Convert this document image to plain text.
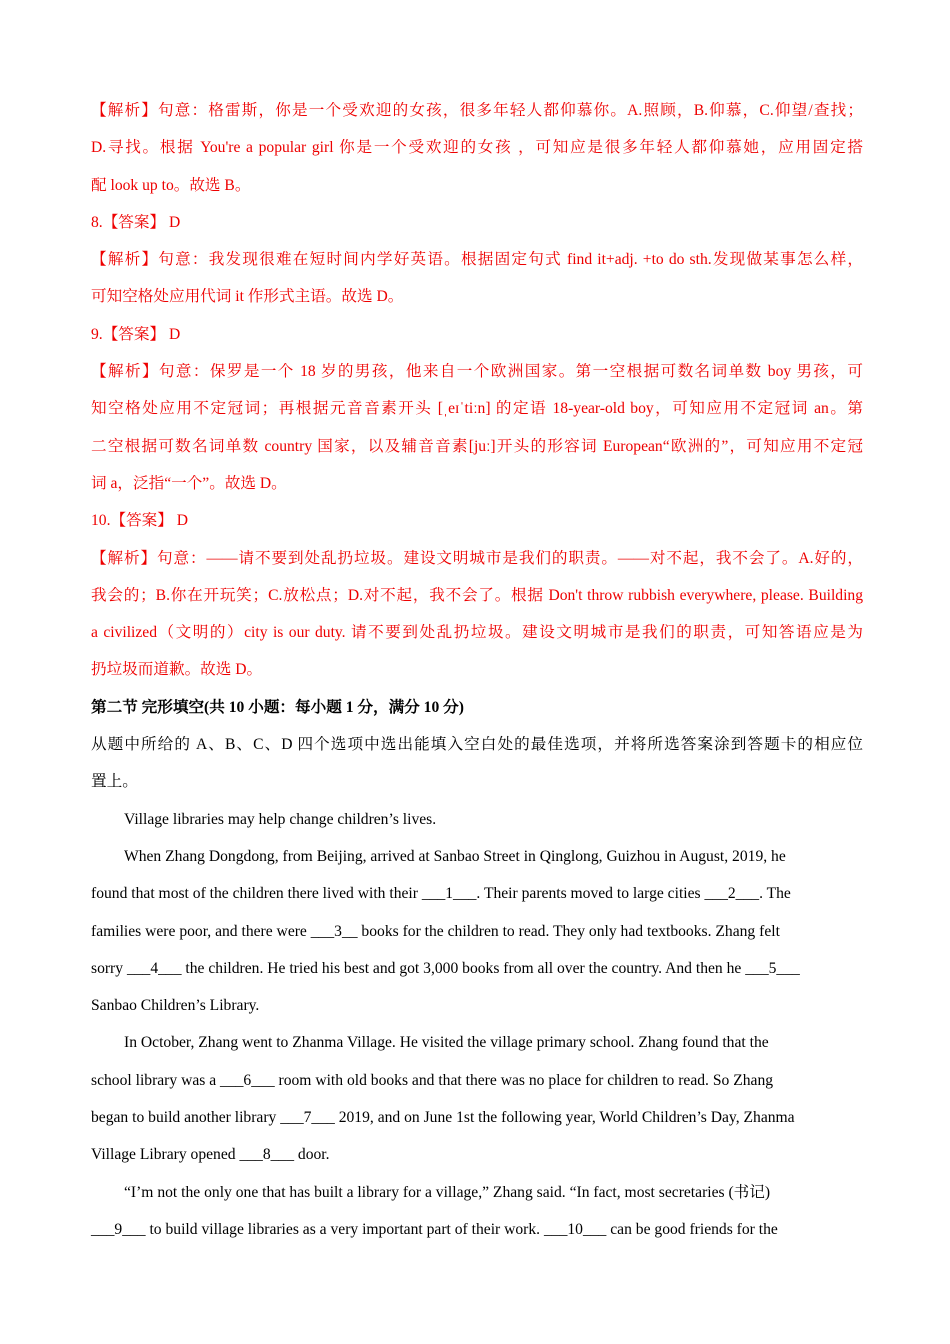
【解析】句意：格雷斯，你是一个受欢迎的女孩，很多年轻人都仰慕你。A.照顾，B.仰慕，C.仰望/查找；
D.寻找。根据 You're a popular girl 你是一个受欢迎的女孩 ，可知应是很多年轻人都仰慕她，应用固定搭
配 look up to。故选 B。
8.【答案】 D
【解析】句意：我发现很难在短时间内学好英语。根据固定句式 find it+adj. +to do sth.发现做某事怎么样，
可知空格处应用代词 it 作形式主语。故选 D。
9.【答案】 D
【解析】句意：保罗是一个 18 岁的男孩，他来自一个欧洲国家。第一空根据可数名词单数 boy 男孩，可
知空格处应用不定冠词；再根据元音音素开头 [ˌeɪˈtiːn] 的定语 18-year-old boy，可知应用不定冠词 an。第
二空根据可数名词单数 country 国家，以及辅音音素[juː]开头的形容词 European“欧洲的”，可知应用不定冠
词 a，泛指“一个”。故选 D。
10.【答案】 D
【解析】句意：——请不要到处乱扔垃圾。建设文明城市是我们的职责。——对不起，我不会了。A.好的，
我会的；B.你在开玩笑；C.放松点；D.对不起，我不会了。根据 Don't throw rubbish everywhere, please. Building
a civilized（文明的）city is our duty. 请不要到处乱扔垃圾。建设文明城市是我们的职责，可知答语应是为
扔垃圾而道歉。故选 D。
第二节 完形填空(共 10 小题：每小题 1 分，满分 10 分)
从题中所给的 A、B、C、D 四个选项中选出能填入空白处的最佳选项，并将所选答案涂到答题卡的相应位
置上。
Village libraries may help change children’s lives.
When Zhang Dongdong, from Beijing, arrived at Sanbao Street in Qinglong, Guizhou in August, 2019, he
found that most of the children there lived with their ___1___. Their parents moved to large cities ___2___. The
families were poor, and there were ___3__ books for the children to read. They only had textbooks. Zhang felt
sorry ___4___ the children. He tried his best and got 3,000 books from all over the country. And then he ___5___
Sanbao Children’s Library.
In October, Zhang went to Zhanma Village. He visited the village primary school. Zhang found that the
school library was a ___6___ room with old books and that there was no place for children to read. So Zhang
began to build another library ___7___ 2019, and on June 1st the following year, World Children’s Day, Zhanma
Village Library opened ___8___ door.
“I’m not the only one that has built a library for a village,” Zhang said. “In fact, most secretaries (书记)
___9___ to build village libraries as a very important part of their work. ___10___ can be good friends for the
